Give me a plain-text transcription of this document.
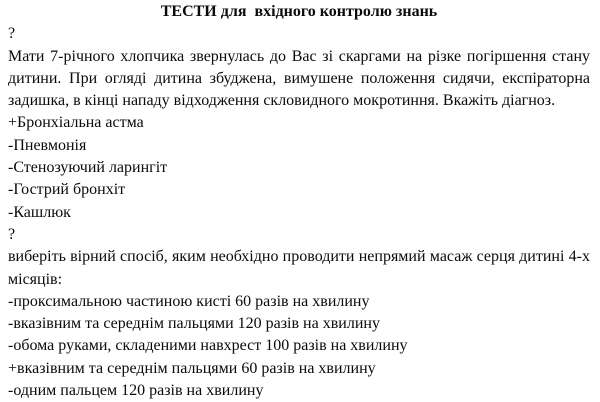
ТЕСТИ для  вхідного контролю знань
?
Мати 7-річного хлопчика звернулась до Вас зі скаргами на різке погіршення стану дитини. При огляді дитина збуджена, вимушене положення сидячи, експіраторна задишка, в кінці нападу відходження скловидного мокротиння. Вкажіть діагноз.
+Бронхіальна астма
-Пневмонія
-Стенозуючий ларингіт
-Гострий бронхіт
-Кашлюк
?
виберіть вірний спосіб, яким необхідно проводити непрямий масаж серця дитині 4-х місяців:
-проксимальною частиною кисті 60 разів на хвилину
-вказівним та середнім пальцями 120 разів на хвилину
-обома руками, складеними навхрест 100 разів на хвилину
+вказівним та середнім пальцями 60 разів на хвилину
-одним пальцем 120 разів на хвилину
